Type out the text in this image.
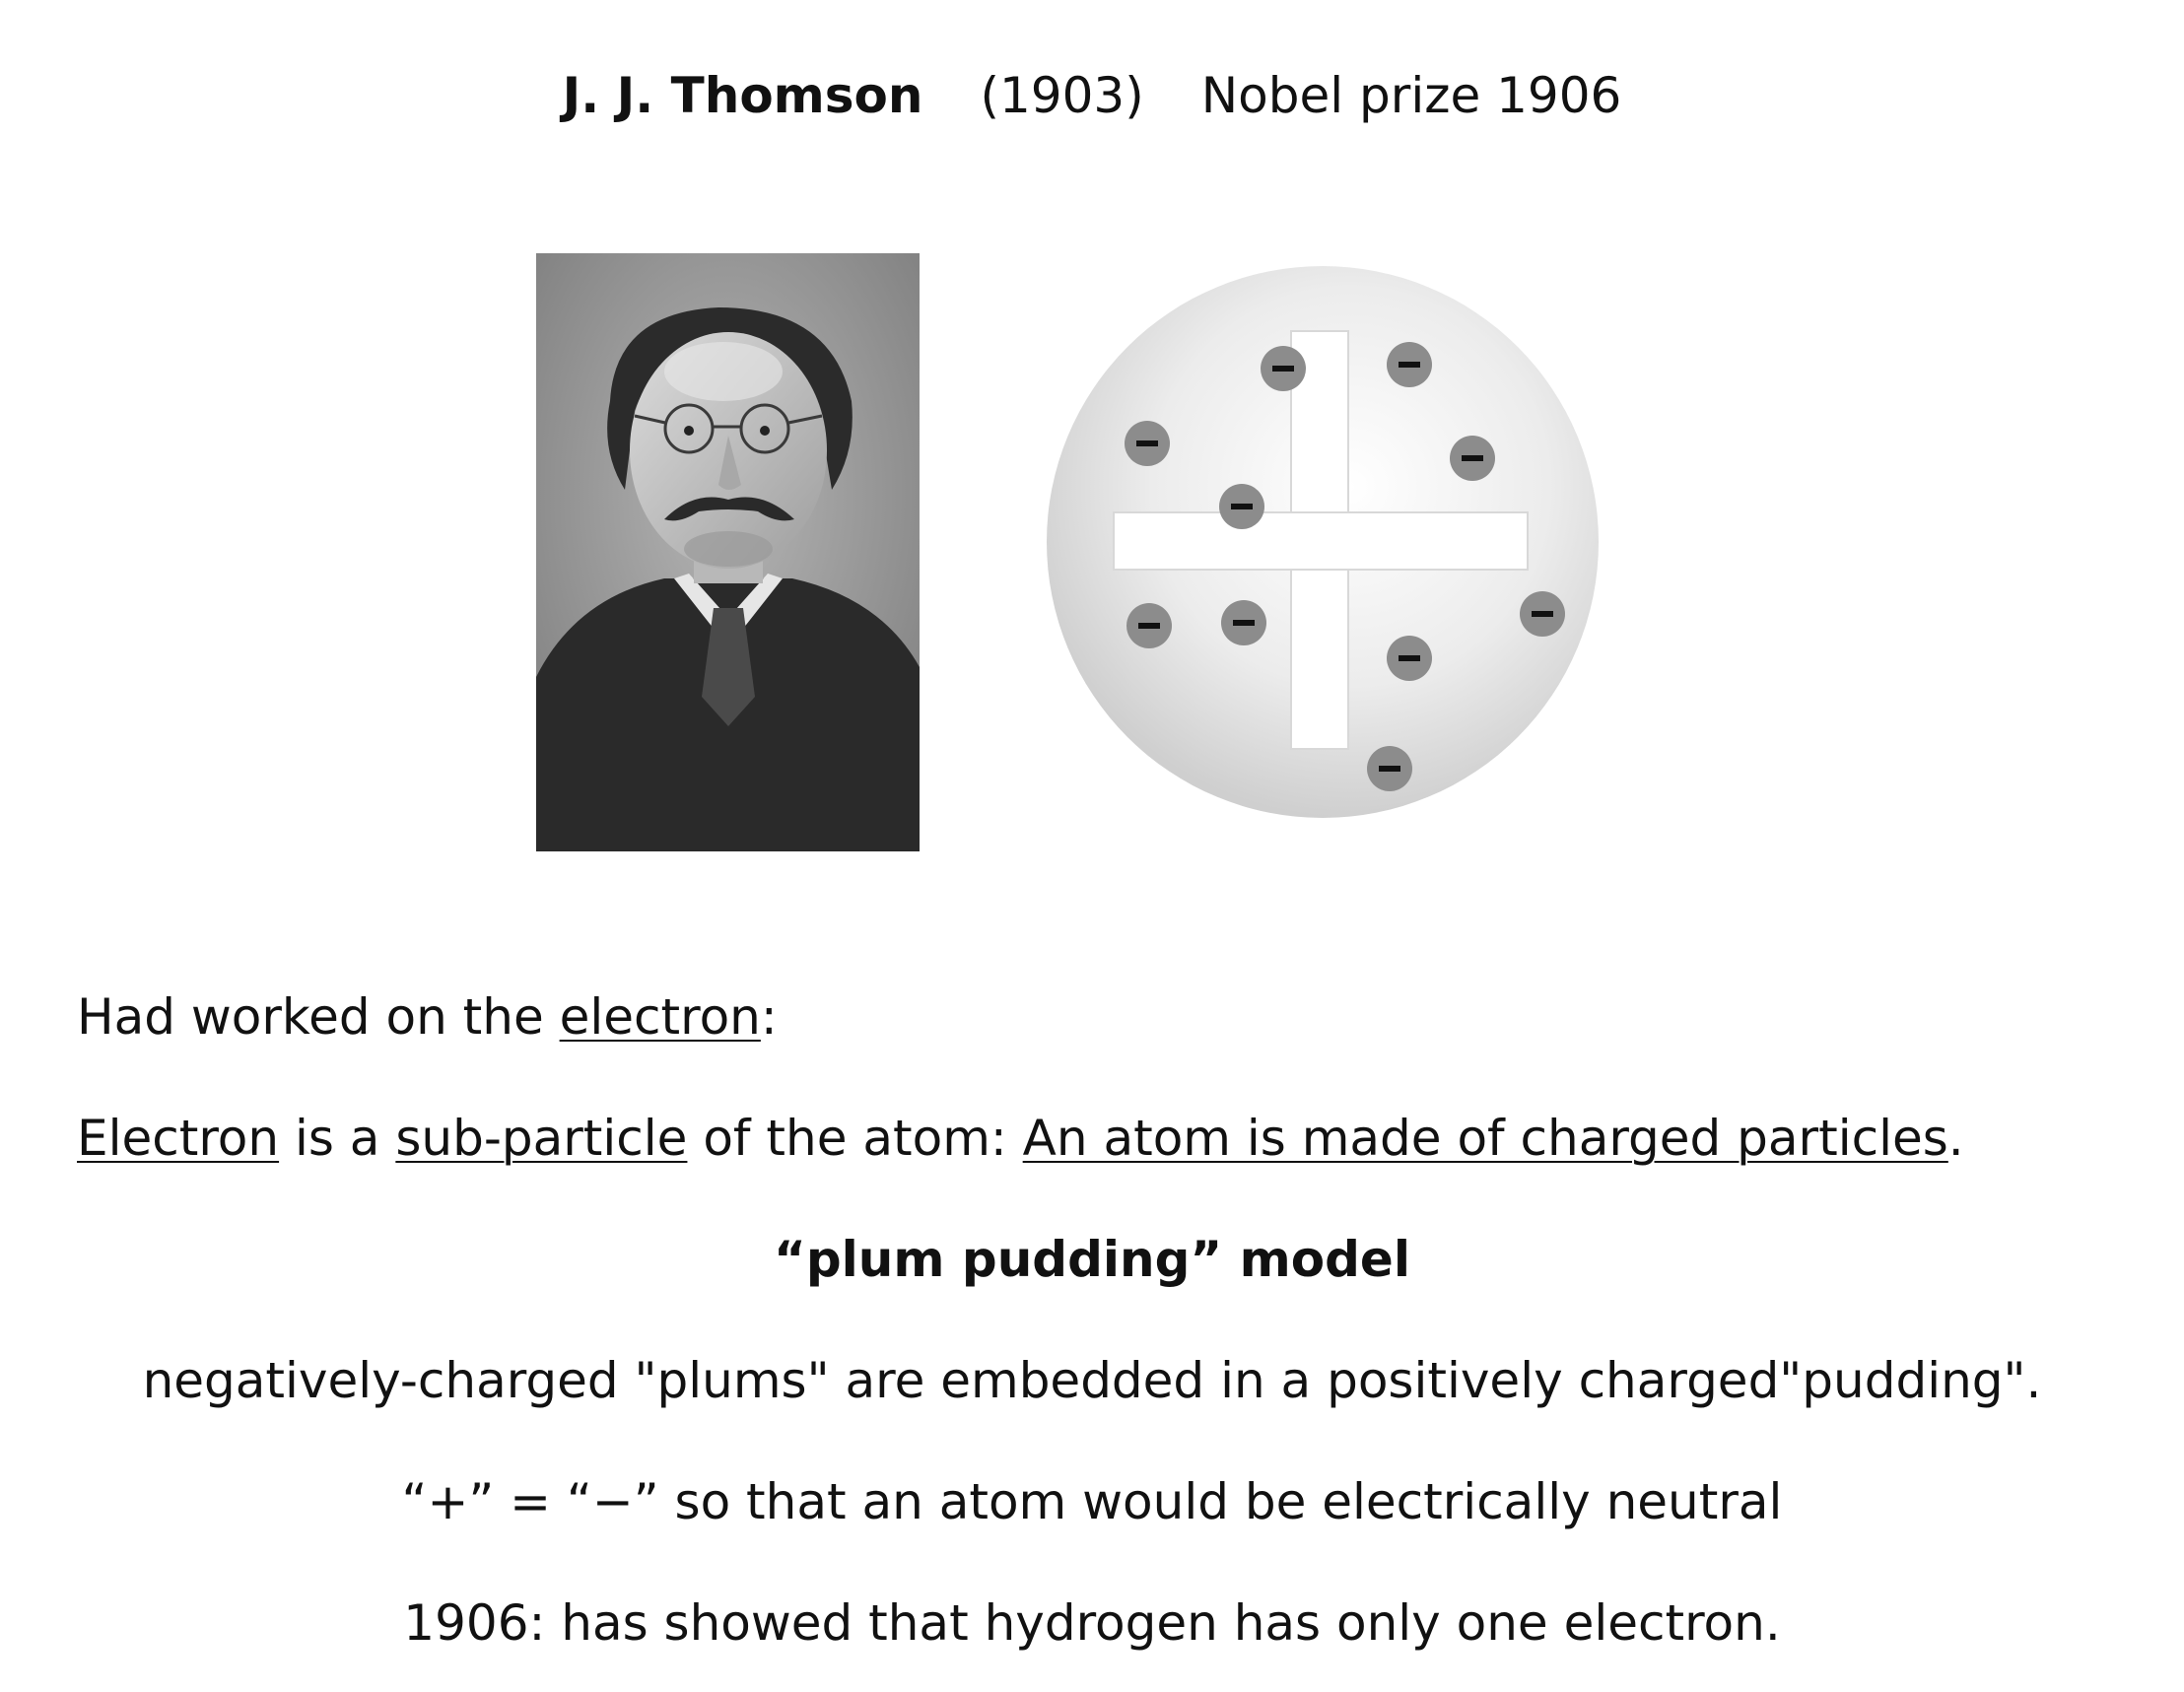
J. J. Thomson (1903) Nobel prize 1906
Had worked on the electron:
Electron is a sub-particle of the atom: An atom is made of charged particles.
“plum pudding” model
negatively-charged "plums" are embedded in a positively charged"pudding".
“+” = “−” so that an atom would be electrically neutral
1906: has showed that hydrogen has only one electron.
